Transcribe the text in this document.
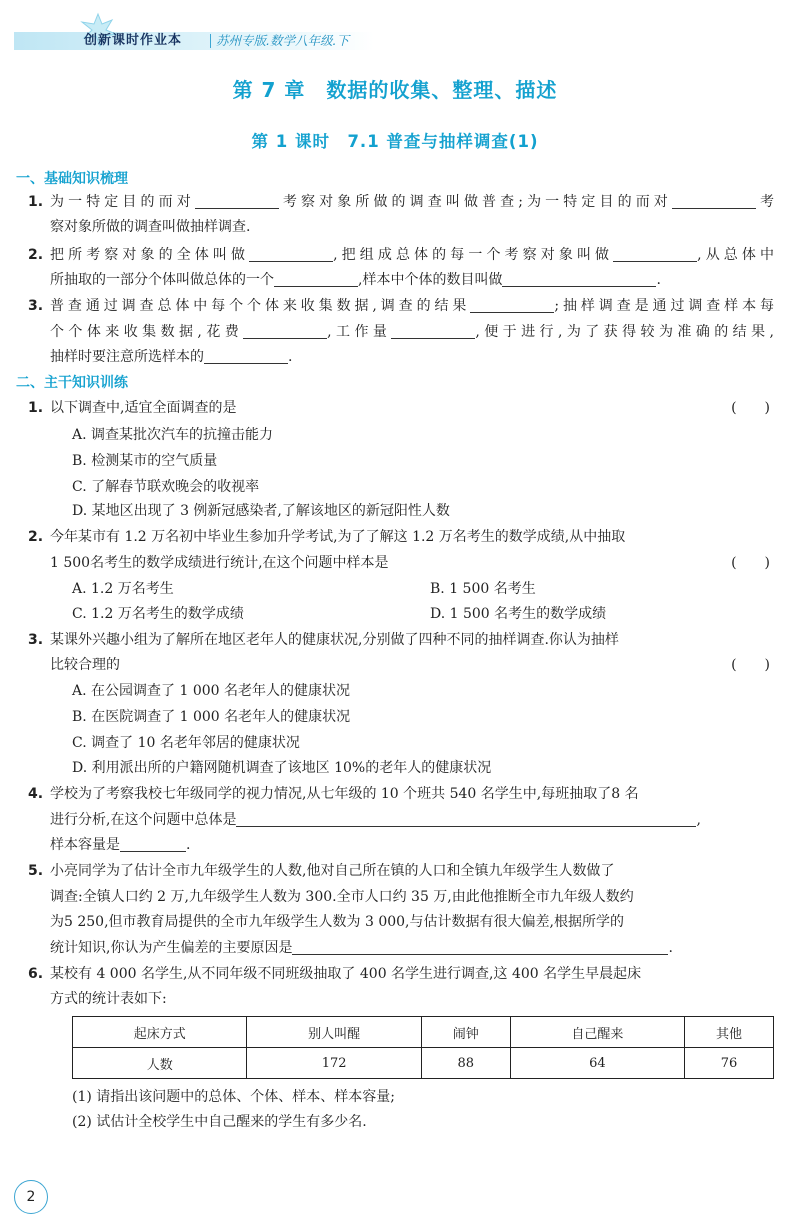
创新课时作业本	苏州专版.数学八年级.下
第 7 章　数据的收集、整理、描述
第 1 课时　7.1 普查与抽样调查(1)
一、基础知识梳理
1. 为一特定目的而对	考察对象所做的调查叫做普查;为一特定目的而对	考
察对象所做的调查叫做抽样调查.
2. 把所考察对象的全体叫做	,把组成总体的每一个考察对象叫做	,从总体中
所抽取的一部分个体叫做总体的一个	,样本中个体的数目叫做	.
3. 普查通过调查总体中每个个体来收集数据,调查的结果	;抽样调查是通过调查样本每
个个体来收集数据,花费	,工作量	,便于进行,为了获得较为准确的结果,
抽样时要注意所选样本的	.
二、主干知识训练
1. 以下调查中,适宜全面调查的是	(　　)
A. 调查某批次汽车的抗撞击能力
B. 检测某市的空气质量
C. 了解春节联欢晚会的收视率
D. 某地区出现了 3 例新冠感染者,了解该地区的新冠阳性人数
2. 今年某市有 1.2 万名初中毕业生参加升学考试,为了了解这 1.2 万名考生的数学成绩,从中抽取
1 500名考生的数学成绩进行统计,在这个问题中样本是	(　　)
A. 1.2 万名考生	B. 1 500 名考生
C. 1.2 万名考生的数学成绩	D. 1 500 名考生的数学成绩
3. 某课外兴趣小组为了解所在地区老年人的健康状况,分别做了四种不同的抽样调查.你认为抽样
比较合理的	(　　)
A. 在公园调查了 1 000 名老年人的健康状况
B. 在医院调查了 1 000 名老年人的健康状况
C. 调查了 10 名老年邻居的健康状况
D. 利用派出所的户籍网随机调查了该地区 10%的老年人的健康状况
4. 学校为了考察我校七年级同学的视力情况,从七年级的 10 个班共 540 名学生中,每班抽取了8 名
进行分析,在这个问题中总体是	,
样本容量是	.
5. 小亮同学为了估计全市九年级学生的人数,他对自己所在镇的人口和全镇九年级学生人数做了
调查:全镇人口约 2 万,九年级学生人数为 300.全市人口约 35 万,由此他推断全市九年级人数约
为5 250,但市教育局提供的全市九年级学生人数为 3 000,与估计数据有很大偏差,根据所学的
统计知识,你认为产生偏差的主要原因是	.
6. 某校有 4 000 名学生,从不同年级不同班级抽取了 400 名学生进行调查,这 400 名学生早晨起床
方式的统计表如下:
起床方式	别人叫醒	闹钟	自己醒来	其他
人数	172	88	64	76
(1) 请指出该问题中的总体、个体、样本、样本容量;
(2) 试估计全校学生中自己醒来的学生有多少名.
2
